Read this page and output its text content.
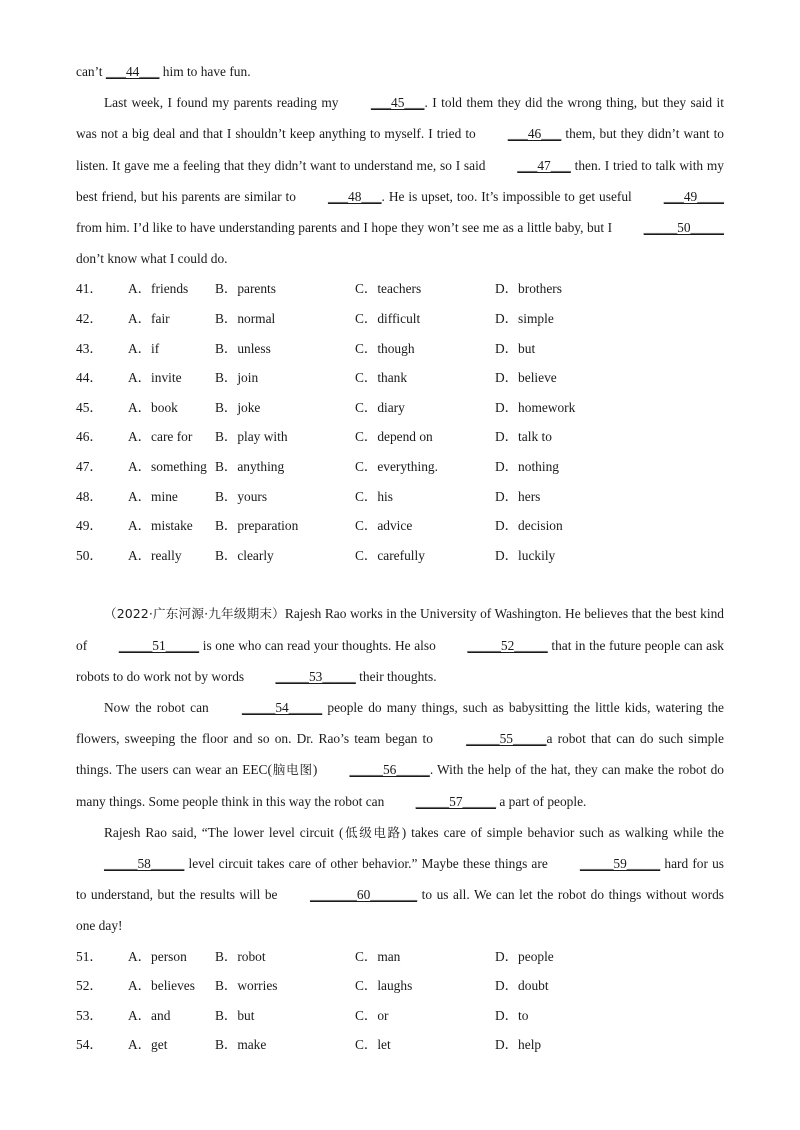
can’t ___44___ him to have fun.
Last week, I found my parents reading my ___45___. I told them they did the wrong thing, but they said it was not a big deal and that I shouldn’t keep anything to myself. I tried to ___46___ them, but they didn’t want to listen. It gave me a feeling that they didn’t want to understand me, so I said ___47___ then. I tried to talk with my best friend, but his parents are similar to ___48___. He is upset, too. It’s impossible to get useful ___49____ from him. I’d like to have understanding parents and I hope they won’t see me as a little baby, but I _____50_____ don’t know what I could do.
41．	A．friends	B．parents	C．teachers	D．brothers
42．	A．fair	B．normal	C．difficult	D．simple
43．	A．if	B．unless	C．though	D．but
44．	A．invite	B．join	C．thank	D．believe
45．	A．book	B．joke	C．diary	D．homework
46．	A．care for	B．play with	C．depend on	D．talk to
47．	A．something B．anything	C．everything.	D．nothing
48．	A．mine	B．yours	C．his	D．hers
49．	A．mistake	B．preparation	C．advice	D．decision
50．	A．really	B．clearly	C．carefully	D．luckily
（2022·广东河源·九年级期末）Rajesh Rao works in the University of Washington. He believes that the best kind of _____51_____ is one who can read your thoughts. He also _____52_____ that in the future people can ask robots to do work not by words _____53_____ their thoughts.
Now the robot can _____54_____ people do many things, such as babysitting the little kids, watering the flowers, sweeping the floor and so on. Dr. Rao’s team began to _____55_____a robot that can do such simple things. The users can wear an EEC(脑电图) _____56_____. With the help of the hat, they can make the robot do many things. Some people think in this way the robot can _____57_____ a part of people.
Rajesh Rao said, “The lower level circuit (低级电路) takes care of simple behavior such as walking while the _____58_____ level circuit takes care of other behavior.” Maybe these things are _____59_____ hard for us to understand, but the results will be _______60_______ to us all. We can let the robot do things without words one day!
51．	A．person	B．robot	C．man	D．people
52．	A．believes	B．worries	C．laughs	D．doubt
53．	A．and	B．but	C．or	D．to
54．	A．get	B．make	C．let	D．help
